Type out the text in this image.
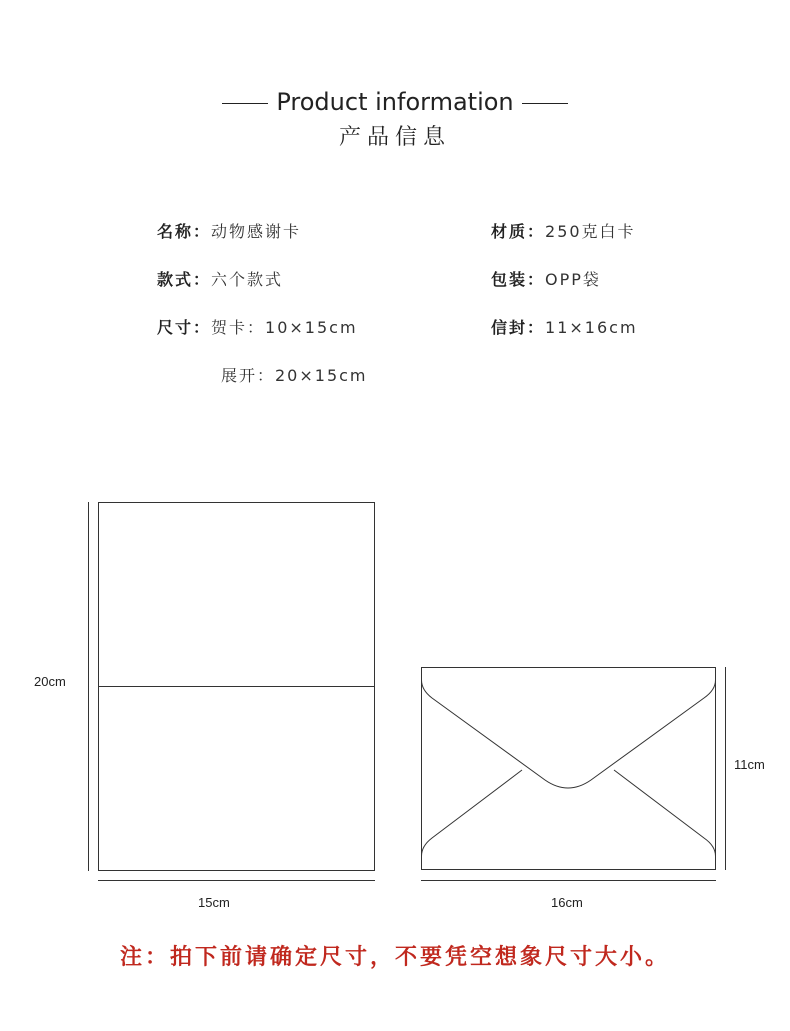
Product information
产品信息
名称：动物感谢卡
款式：六个款式
尺寸：贺卡：10×15cm
展开：20×15cm
材质：250克白卡
包装：OPP袋
信封：11×16cm
20cm
15cm
11cm
16cm
注：拍下前请确定尺寸，不要凭空想象尺寸大小。
